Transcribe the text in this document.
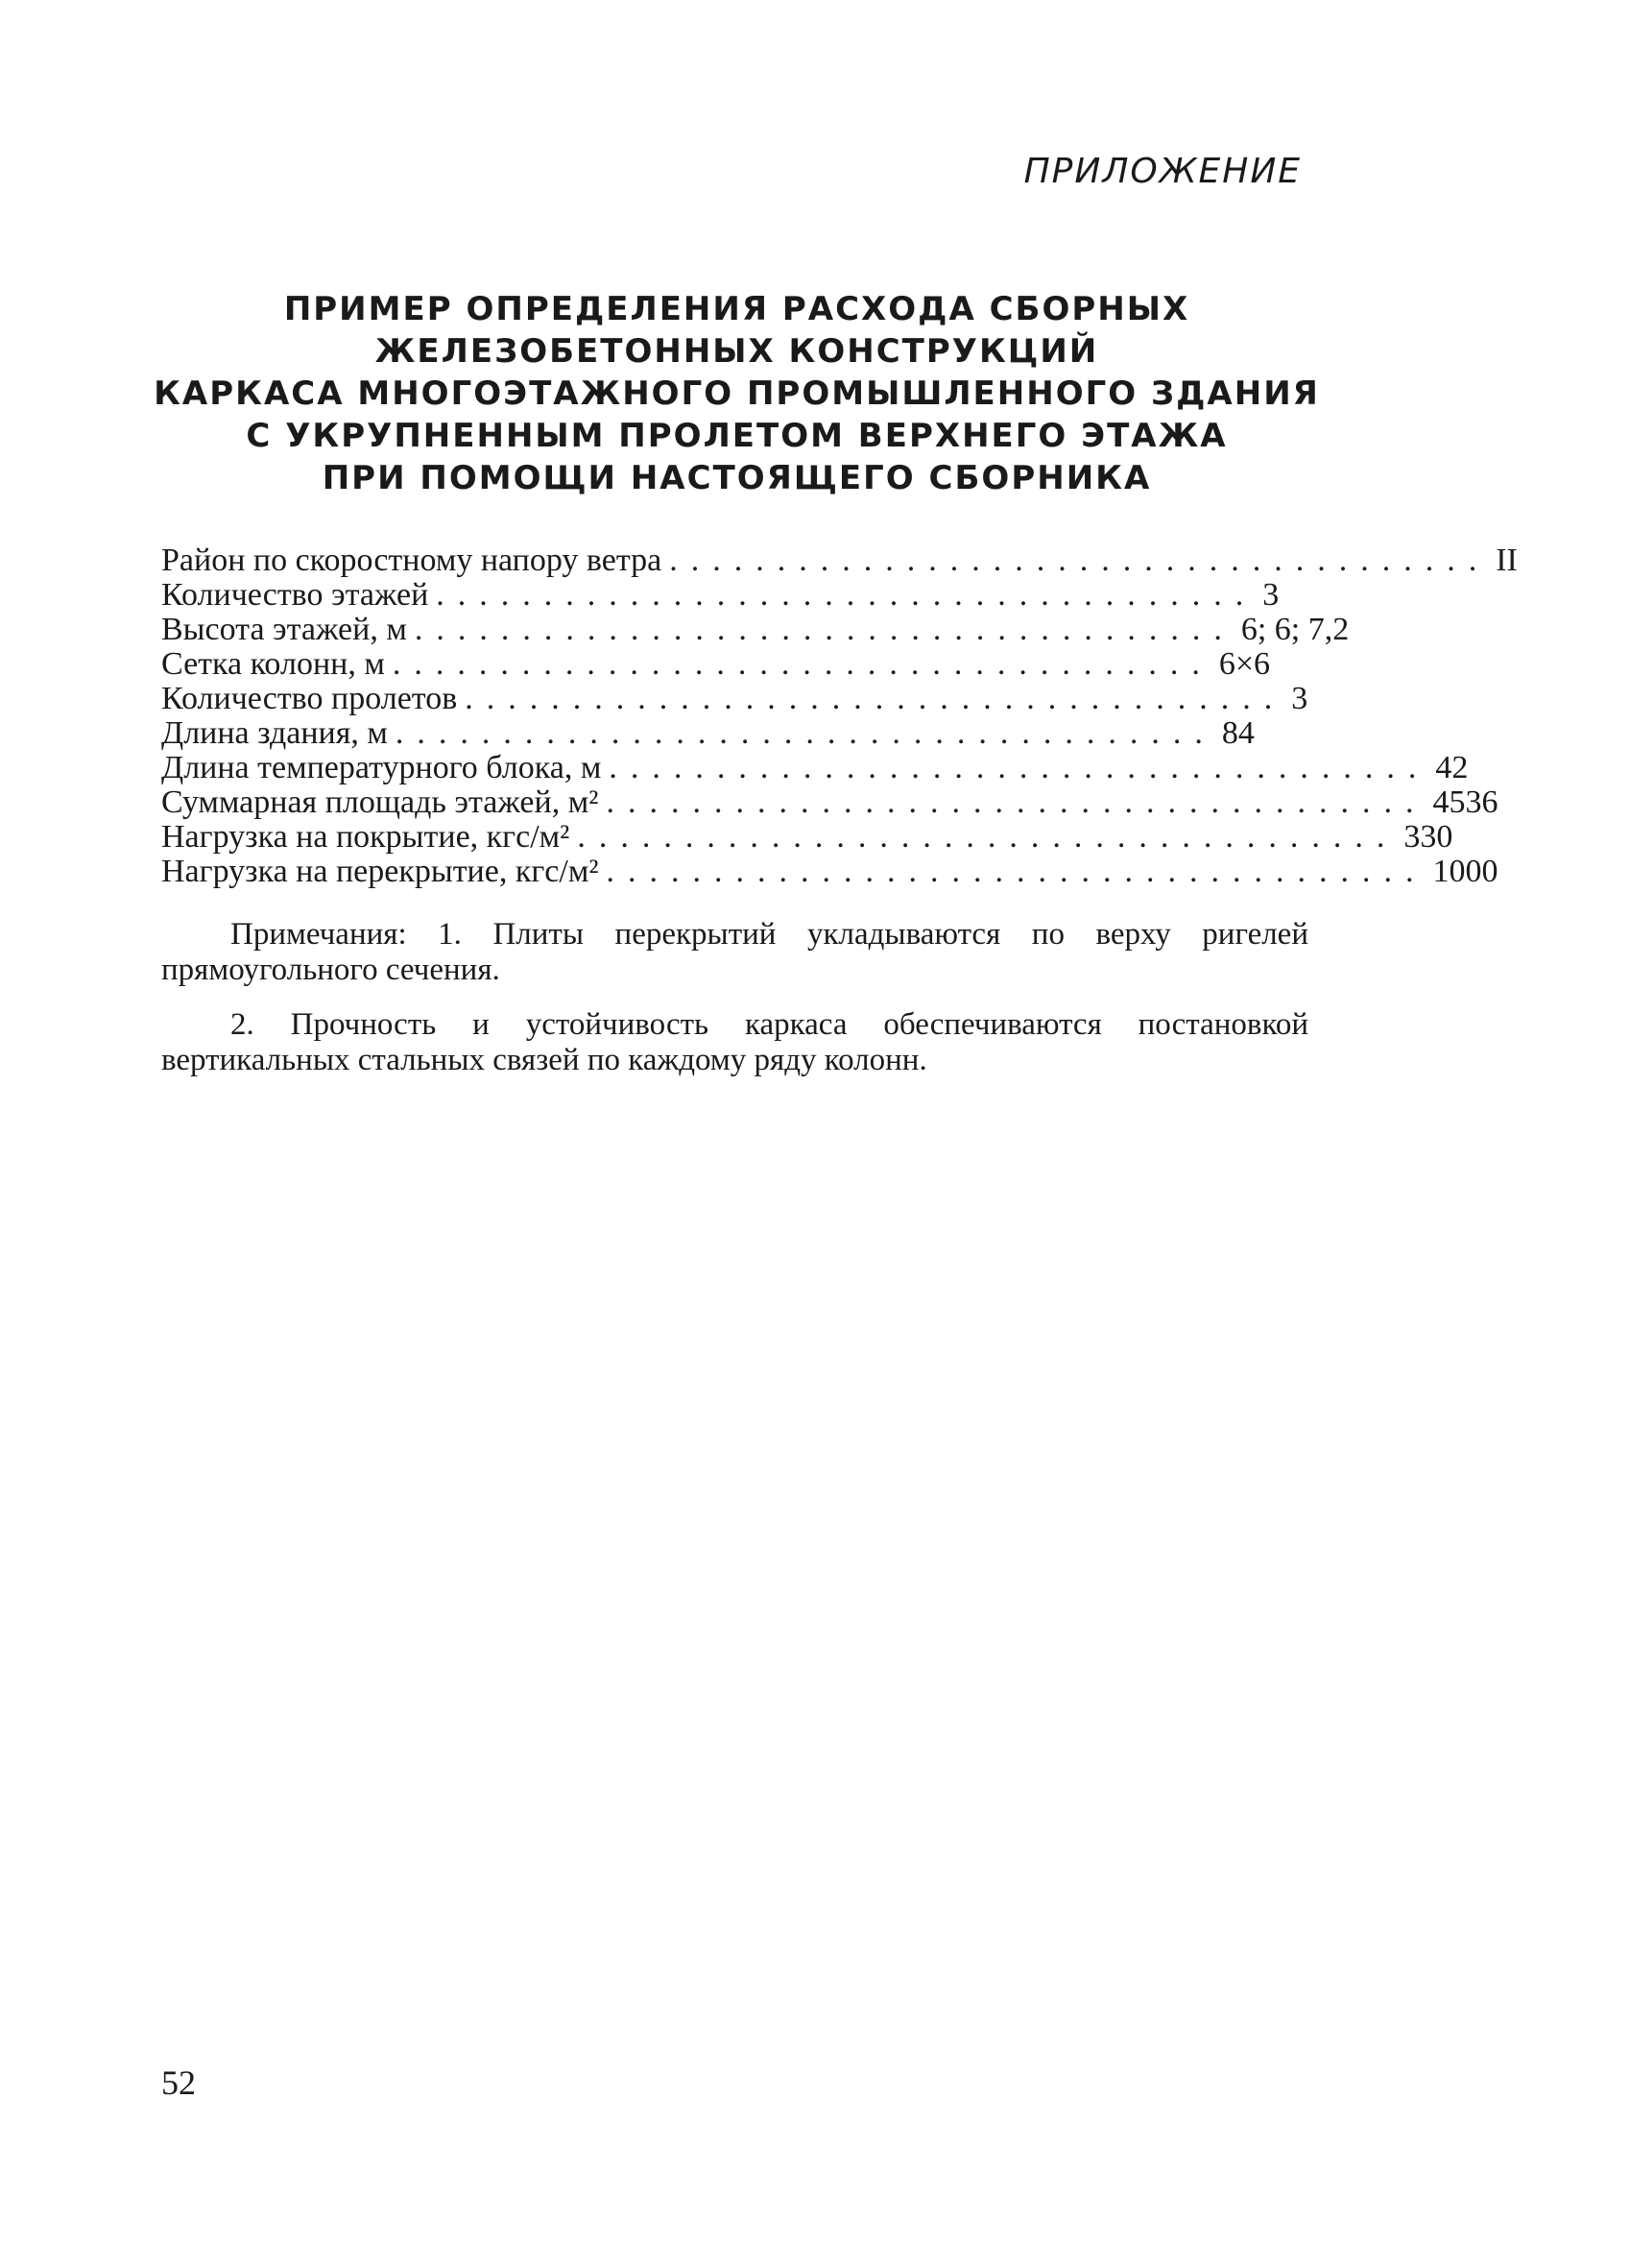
ПРИЛОЖЕНИЕ
ПРИМЕР ОПРЕДЕЛЕНИЯ РАСХОДА СБОРНЫХ
ЖЕЛЕЗОБЕТОННЫХ КОНСТРУКЦИЙ
КАРКАСА МНОГОЭТАЖНОГО ПРОМЫШЛЕННОГО ЗДАНИЯ
С УКРУПНЕННЫМ ПРОЛЕТОМ ВЕРХНЕГО ЭТАЖА
ПРИ ПОМОЩИ НАСТОЯЩЕГО СБОРНИКА
Район по скоростному напору ветра ...................................... II
Количество этажей ...................................... 3
Высота этажей, м ...................................... 6; 6; 7,2
Сетка колонн, м ...................................... 6×6
Количество пролетов ...................................... 3
Длина здания, м ...................................... 84
Длина температурного блока, м ...................................... 42
Суммарная площадь этажей, м² ...................................... 4536
Нагрузка на покрытие, кгс/м² ...................................... 330
Нагрузка на перекрытие, кгс/м² ...................................... 1000

Примечания: 1. Плиты перекрытий укладываются по верху ригелей прямоугольного сечения.

2. Прочность и устойчивость каркаса обеспечиваются постановкой вертикальных стальных связей по каждому ряду колонн.

52
